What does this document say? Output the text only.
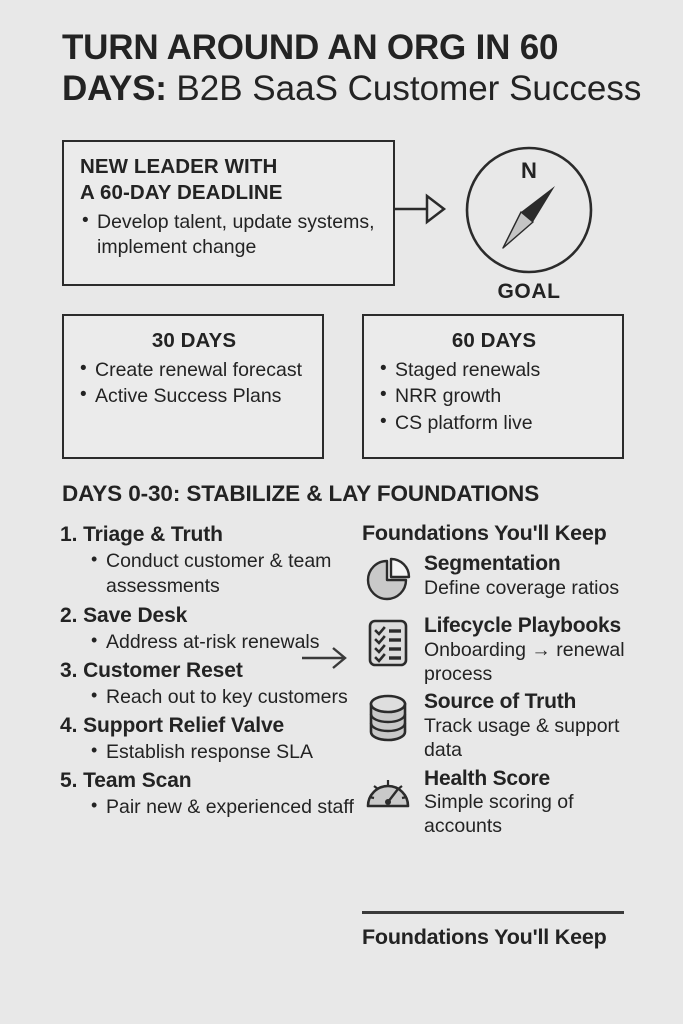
TURN AROUND AN ORG IN 60
DAYS: B2B SaaS Customer Success
NEW LEADER WITH
A 60-DAY DEADLINE
• Develop talent, update systems, implement change
N
GOAL
30 DAYS
• Create renewal forecast
• Active Success Plans
60 DAYS
• Staged renewals
• NRR growth
• CS platform live
DAYS 0-30: STABILIZE & LAY FOUNDATIONS
1. Triage & Truth
• Conduct customer & team assessments
2. Save Desk
• Address at-risk renewals
3. Customer Reset
• Reach out to key customers
4. Support Relief Valve
• Establish response SLA
5. Team Scan
• Pair new & experienced staff
Foundations You'll Keep
Segmentation
Define coverage ratios
Lifecycle Playbooks
Onboarding → renewal process
Source of Truth
Track usage & support data
Health Score
Simple scoring of accounts
Foundations You'll Keep
